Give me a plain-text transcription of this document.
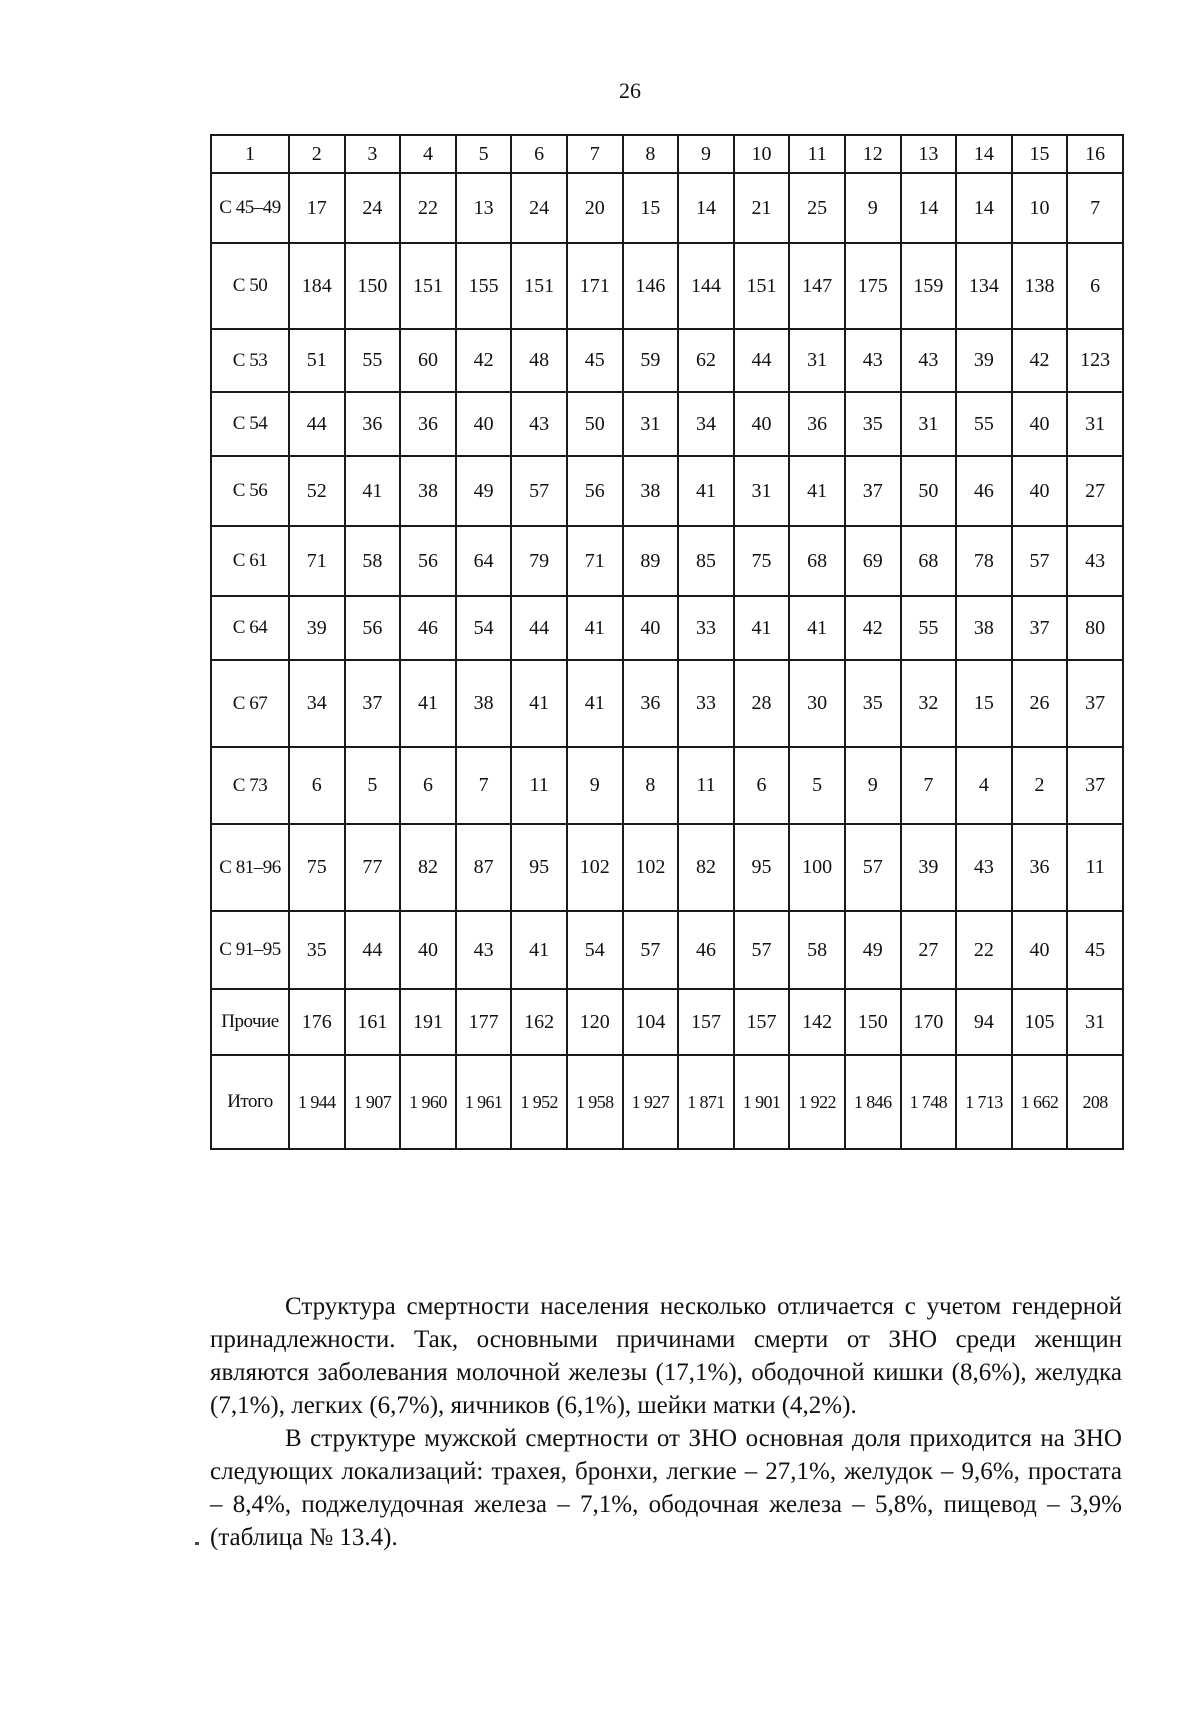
26
1	2	3	4	5	6	7	8	9	10	11	12	13	14	15	16
С 45–49	17	24	22	13	24	20	15	14	21	25	9	14	14	10	7
С 50	184	150	151	155	151	171	146	144	151	147	175	159	134	138	6
С 53	51	55	60	42	48	45	59	62	44	31	43	43	39	42	123
С 54	44	36	36	40	43	50	31	34	40	36	35	31	55	40	31
С 56	52	41	38	49	57	56	38	41	31	41	37	50	46	40	27
С 61	71	58	56	64	79	71	89	85	75	68	69	68	78	57	43
С 64	39	56	46	54	44	41	40	33	41	41	42	55	38	37	80
С 67	34	37	41	38	41	41	36	33	28	30	35	32	15	26	37
С 73	6	5	6	7	11	9	8	11	6	5	9	7	4	2	37
С 81–96	75	77	82	87	95	102	102	82	95	100	57	39	43	36	11
С 91–95	35	44	40	43	41	54	57	46	57	58	49	27	22	40	45
Прочие	176	161	191	177	162	120	104	157	157	142	150	170	94	105	31
Итого	1 944	1 907	1 960	1 961	1 952	1 958	1 927	1 871	1 901	1 922	1 846	1 748	1 713	1 662	208

Структура смертности населения несколько отличается с учетом гендерной принадлежности. Так, основными причинами смерти от ЗНО среди женщин являются заболевания молочной железы (17,1%), ободочной кишки (8,6%), желудка (7,1%), легких (6,7%), яичников (6,1%), шейки матки (4,2%).

В структуре мужской смертности от ЗНО основная доля приходится на ЗНО следующих локализаций: трахея, бронхи, легкие – 27,1%, желудок – 9,6%, простата – 8,4%, поджелудочная железа – 7,1%, ободочная железа – 5,8%, пищевод – 3,9% (таблица № 13.4).
